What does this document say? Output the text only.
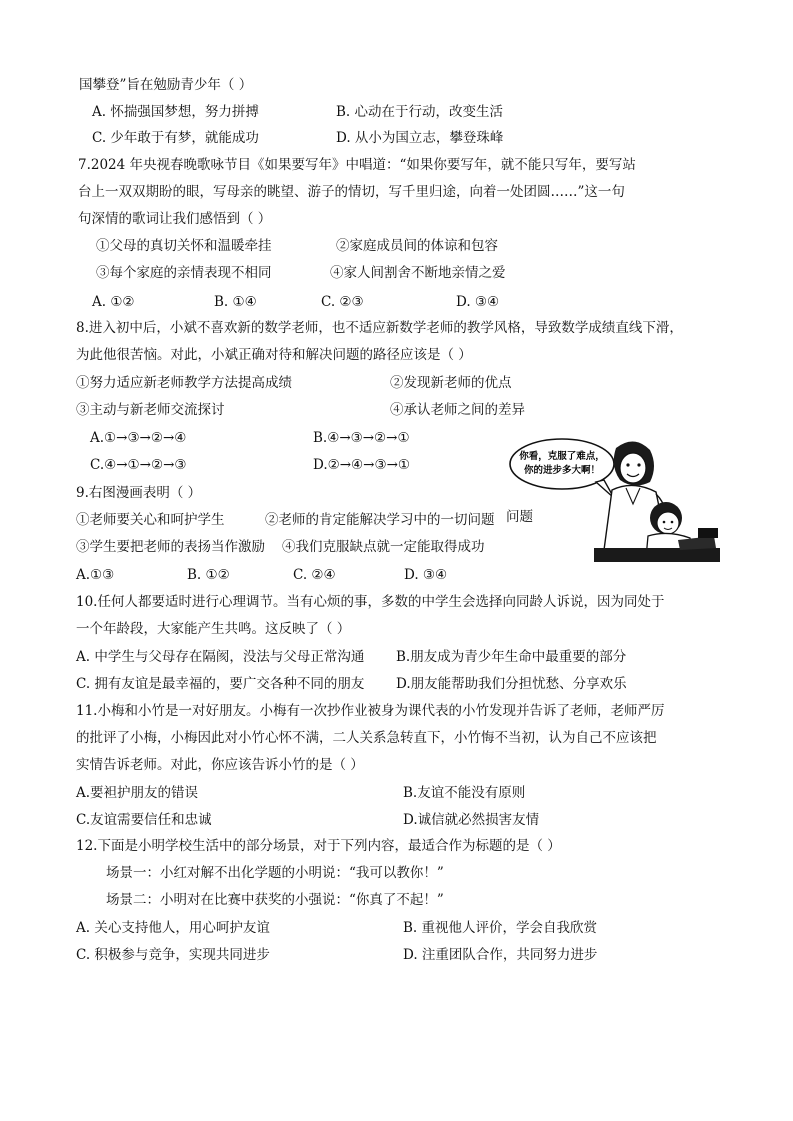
国攀登”旨在勉励青少年（ ）
A. 怀揣强国梦想，努力拼搏	B. 心动在于行动，改变生活
C. 少年敢于有梦，就能成功	D. 从小为国立志，攀登珠峰
7.2024 年央视春晚歌咏节目《如果要写年》中唱道：“如果你要写年，就不能只写年，要写站
台上一双双期盼的眼，写母亲的眺望、游子的情切，写千里归途，向着一处团圆……”这一句
句深情的歌词让我们感悟到（ ）
①父母的真切关怀和温暖牵挂	②家庭成员间的体谅和包容
③每个家庭的亲情表现不相同	④家人间割舍不断地亲情之爱
A. ①②	B. ①④	C. ②③	D. ③④
8.进入初中后，小斌不喜欢新的数学老师，也不适应新数学老师的教学风格，导致数学成绩直线下滑，
为此他很苦恼。对此，小斌正确对待和解决问题的路径应该是（ ）
①努力适应新老师教学方法提高成绩	②发现新老师的优点
③主动与新老师交流探讨	④承认老师之间的差异
A.①→③→②→④	B.④→③→②→①
C.④→①→②→③	D.②→④→③→①
9.右图漫画表明（ ）
①老师要关心和呵护学生	②老师的肯定能解决学习中的一切问题 问题
③学生要把老师的表扬当作激励 ④我们克服缺点就一定能取得成功
A.①③	B. ①②	C. ②④	D. ③④
你看，克服了难点，
你的进步多大啊！
10.任何人都要适时进行心理调节。当有心烦的事，多数的中学生会选择向同龄人诉说，因为同处于
一个年龄段，大家能产生共鸣。这反映了（ ）
A. 中学生与父母存在隔阂，没法与父母正常沟通 B.朋友成为青少年生命中最重要的部分
C. 拥有友谊是最幸福的，要广交各种不同的朋友 D.朋友能帮助我们分担忧愁、分享欢乐
11.小梅和小竹是一对好朋友。小梅有一次抄作业被身为课代表的小竹发现并告诉了老师，老师严厉
的批评了小梅，小梅因此对小竹心怀不满，二人关系急转直下，小竹悔不当初，认为自己不应该把
实情告诉老师。对此，你应该告诉小竹的是（ ）
A.要袒护朋友的错误	B.友谊不能没有原则
C.友谊需要信任和忠诚	D.诚信就必然损害友情
12.下面是小明学校生活中的部分场景，对于下列内容，最适合作为标题的是（ ）
场景一：小红对解不出化学题的小明说：“我可以教你！”
场景二：小明对在比赛中获奖的小强说：“你真了不起！”
A. 关心支持他人，用心呵护友谊	B. 重视他人评价，学会自我欣赏
C. 积极参与竞争，实现共同进步	D. 注重团队合作，共同努力进步
